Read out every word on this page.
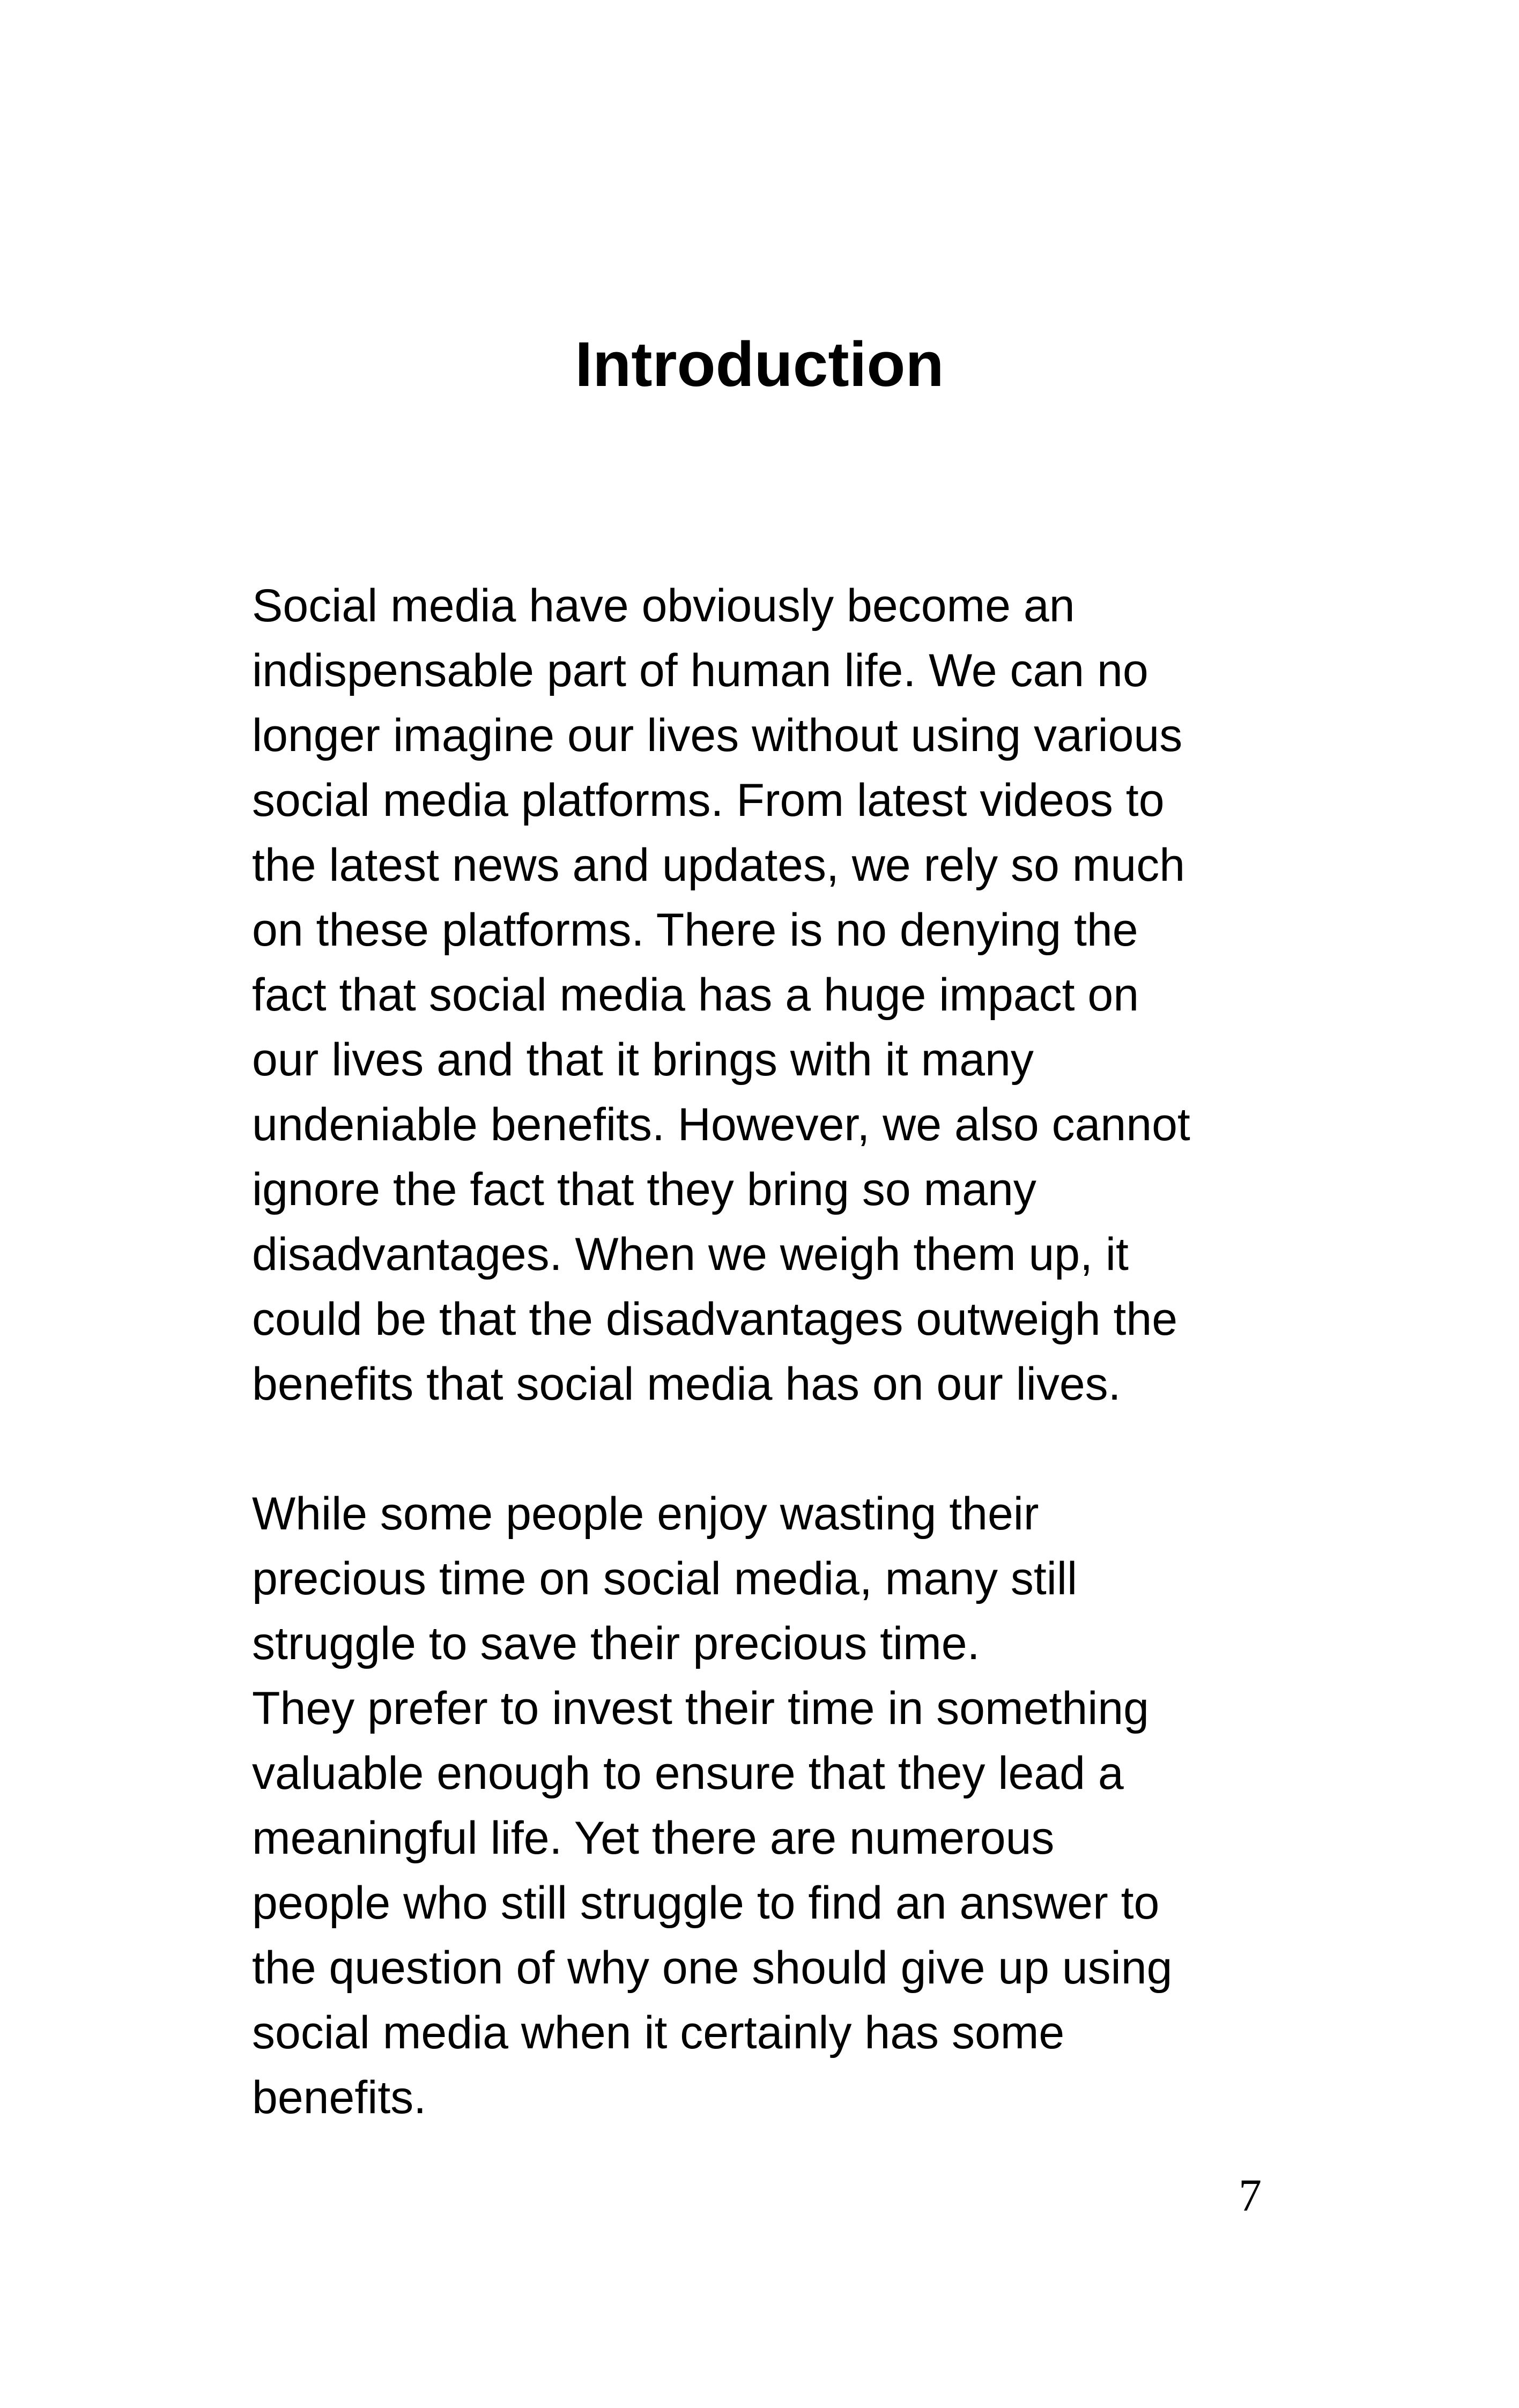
Introduction
Social media have obviously become an
indispensable part of human life. We can no
longer imagine our lives without using various
social media platforms. From latest videos to
the latest news and updates, we rely so much
on these platforms. There is no denying the
fact that social media has a huge impact on
our lives and that it brings with it many
undeniable benefits. However, we also cannot
ignore the fact that they bring so many
disadvantages. When we weigh them up, it
could be that the disadvantages outweigh the
benefits that social media has on our lives.
While some people enjoy wasting their
precious time on social media, many still
struggle to save their precious time.
They prefer to invest their time in something
valuable enough to ensure that they lead a
meaningful life. Yet there are numerous
people who still struggle to find an answer to
the question of why one should give up using
social media when it certainly has some
benefits.
7
